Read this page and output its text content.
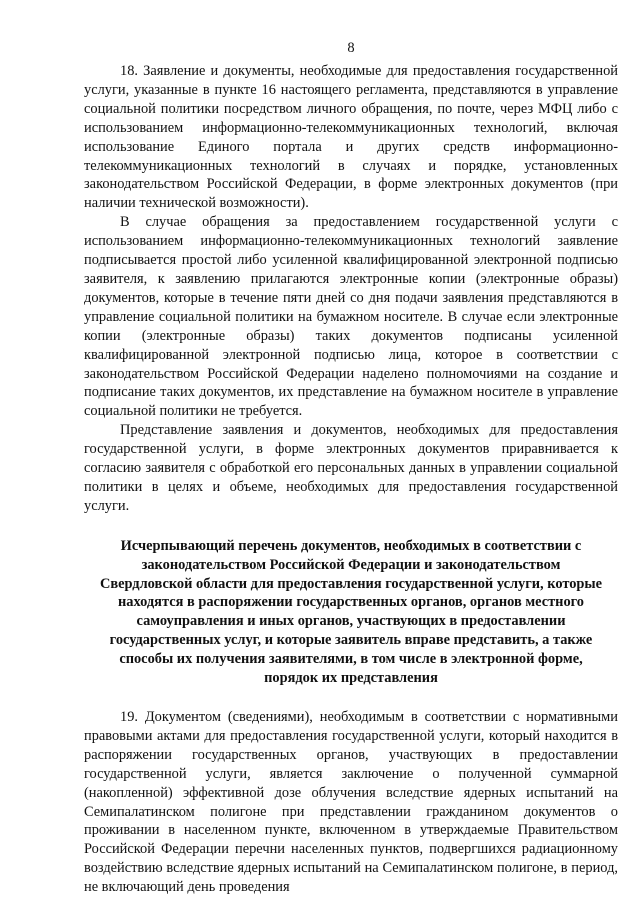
8

18. Заявление и документы, необходимые для предоставления государственной услуги, указанные в пункте 16 настоящего регламента, представляются в управление социальной политики посредством личного обращения, по почте, через МФЦ либо с использованием информационно-телекоммуникационных технологий, включая использование Единого портала и других средств информационно-телекоммуникационных технологий в случаях и порядке, установленных законодательством Российской Федерации, в форме электронных документов (при наличии технической возможности).

В случае обращения за предоставлением государственной услуги с использованием информационно-телекоммуникационных технологий заявление подписывается простой либо усиленной квалифицированной электронной подписью заявителя, к заявлению прилагаются электронные копии (электронные образы) документов, которые в течение пяти дней со дня подачи заявления представляются в управление социальной политики на бумажном носителе. В случае если электронные копии (электронные образы) таких документов подписаны усиленной квалифицированной электронной подписью лица, которое в соответствии с законодательством Российской Федерации наделено полномочиями на создание и подписание таких документов, их представление на бумажном носителе в управление социальной политики не требуется.

Представление заявления и документов, необходимых для предоставления государственной услуги, в форме электронных документов приравнивается к согласию заявителя с обработкой его персональных данных в управлении социальной политики в целях и объеме, необходимых для предоставления государственной услуги.

Исчерпывающий перечень документов, необходимых в соответствии с законодательством Российской Федерации и законодательством Свердловской области для предоставления государственной услуги, которые находятся в распоряжении государственных органов, органов местного самоуправления и иных органов, участвующих в предоставлении государственных услуг, и которые заявитель вправе представить, а также способы их получения заявителями, в том числе в электронной форме, порядок их представления

19. Документом (сведениями), необходимым в соответствии с нормативными правовыми актами для предоставления государственной услуги, который находится в распоряжении государственных органов, участвующих в предоставлении государственной услуги, является заключение о полученной суммарной (накопленной) эффективной дозе облучения вследствие ядерных испытаний на Семипалатинском полигоне при представлении гражданином документов о проживании в населенном пункте, включенном в утверждаемые Правительством Российской Федерации перечни населенных пунктов, подвергшихся радиационному воздействию вследствие ядерных испытаний на Семипалатинском полигоне, в период, не включающий день проведения
